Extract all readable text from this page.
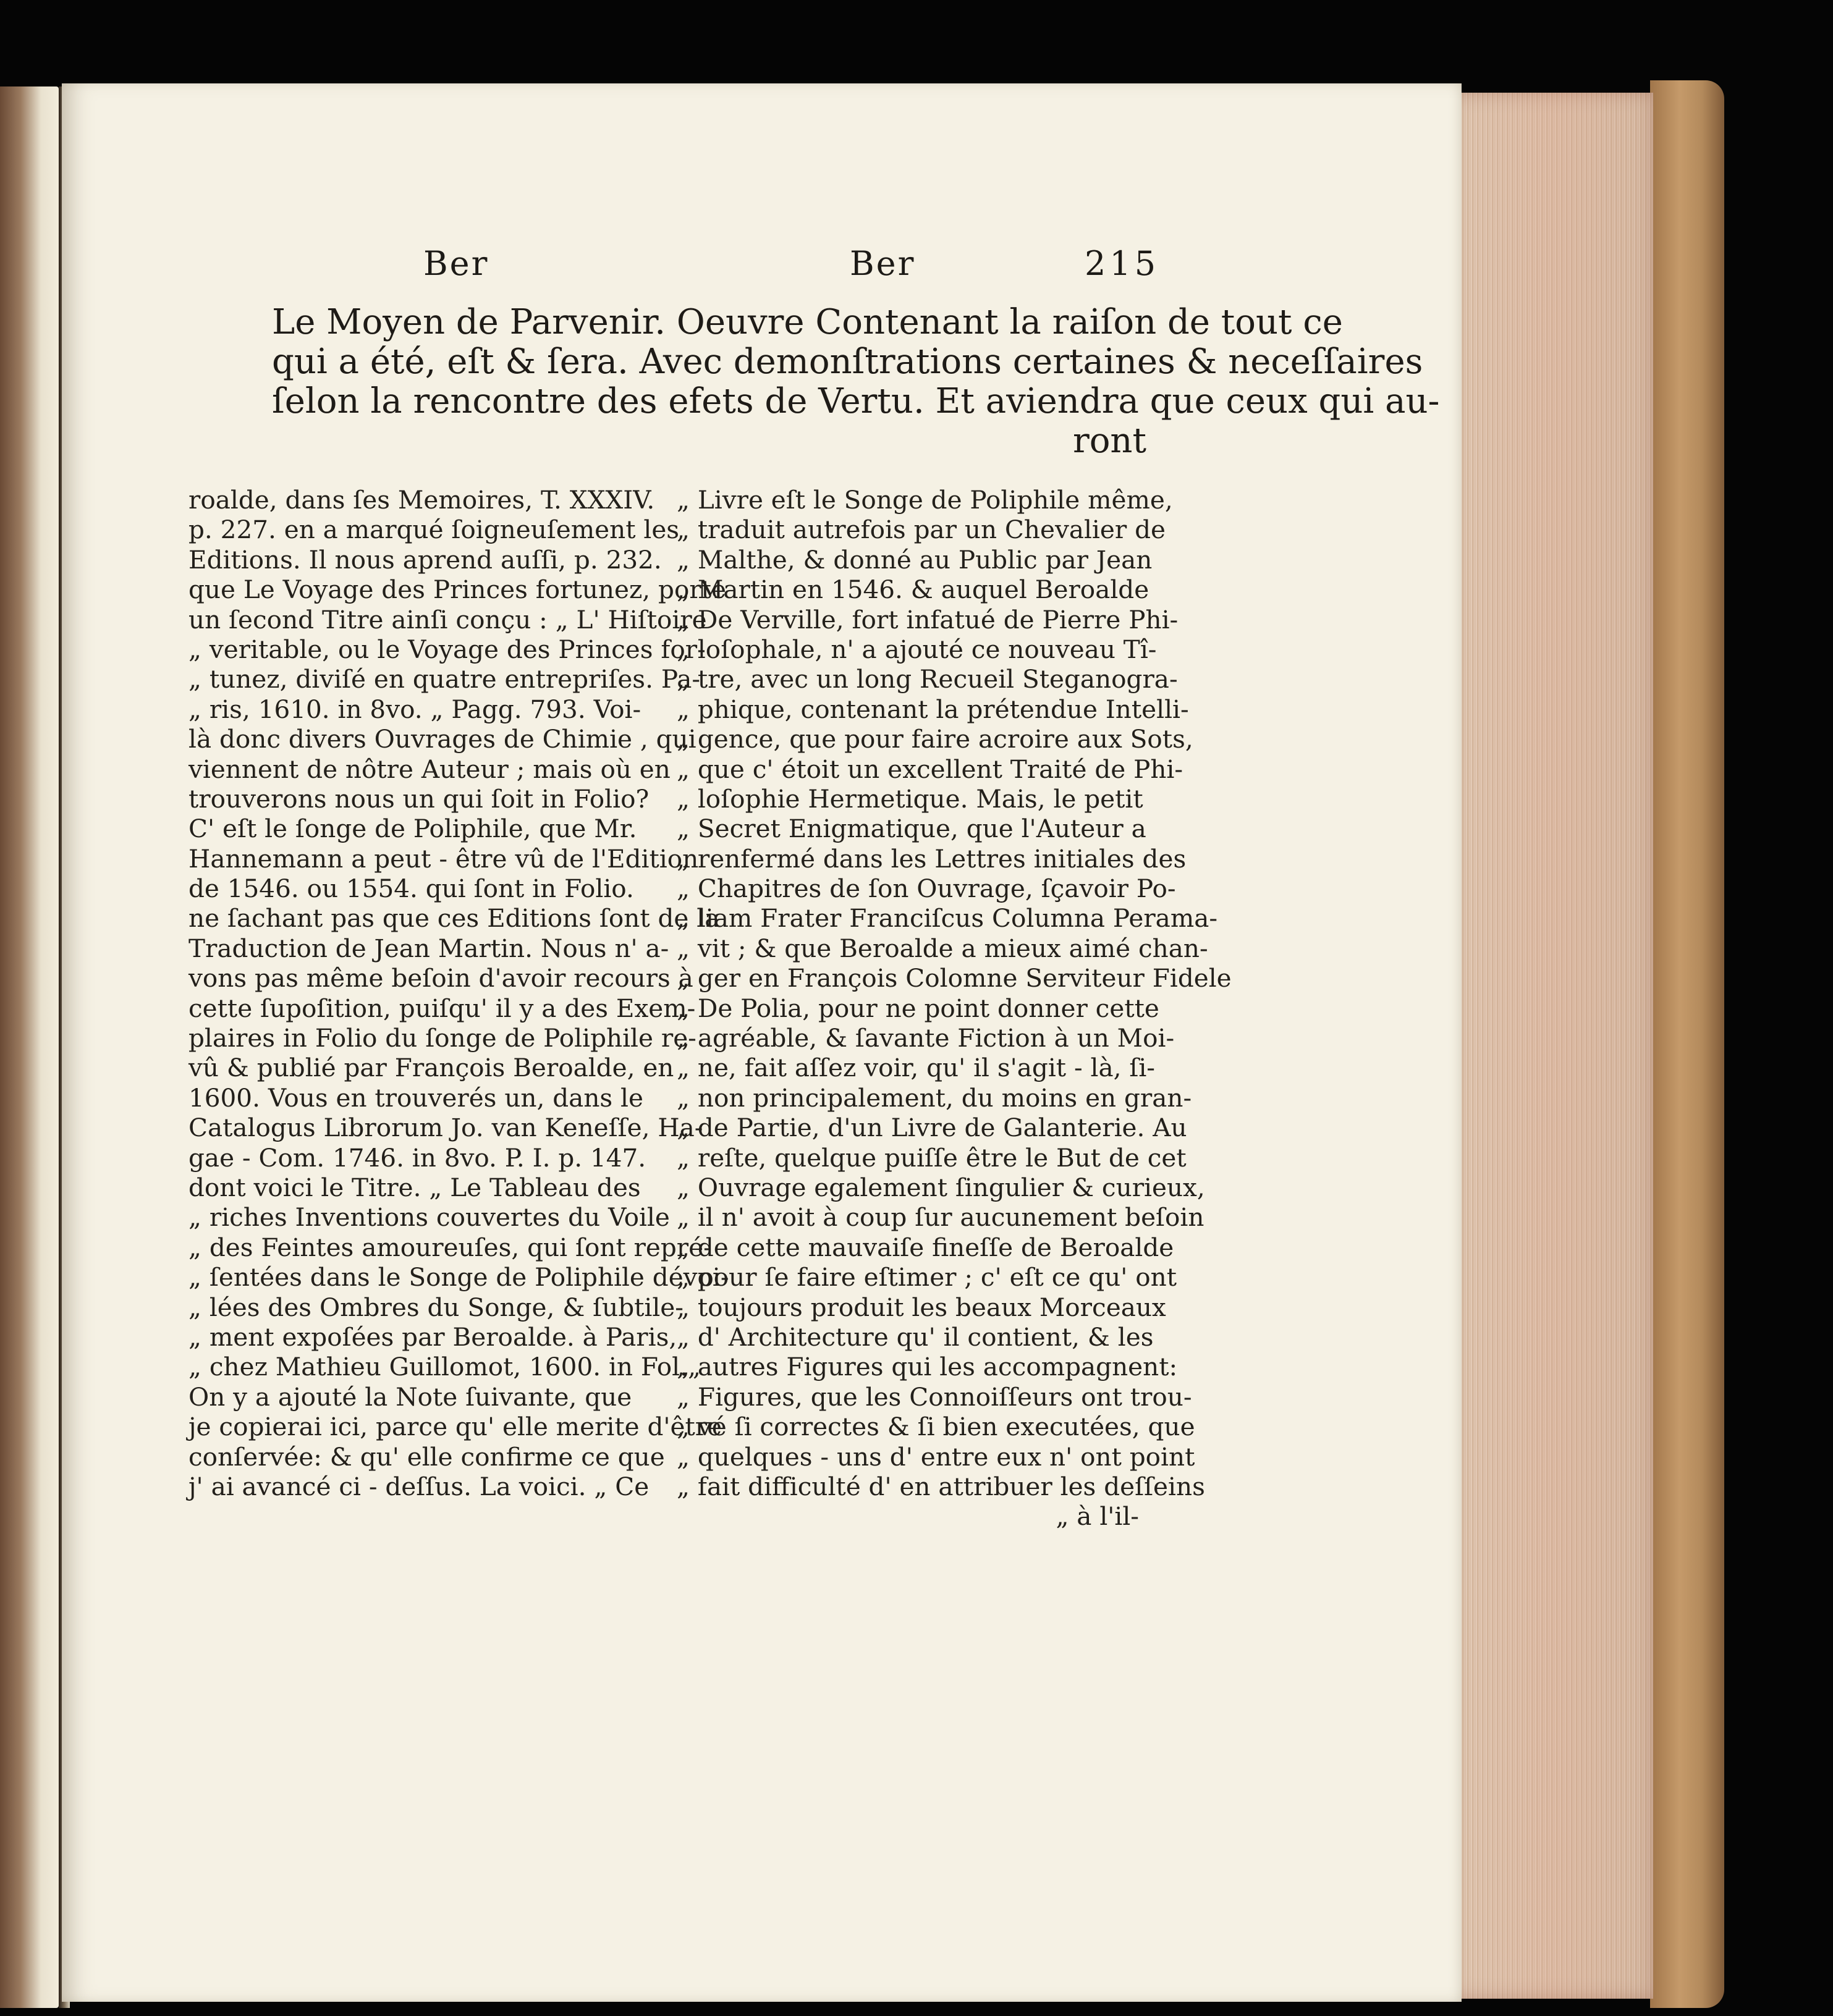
Ber	Ber	215
Le Moyen de Parvenir. Oeuvre Contenant la raiſon de tout ce
qui a été, eſt & ſera. Avec demonſtrations certaines & neceſſaires
ſelon la rencontre des efets de Vertu. Et aviendra que ceux qui au-
ront
roalde, dans ſes Memoires, T. XXXIV.
p. 227. en a marqué ſoigneuſement les
Editions. Il nous aprend auſſi, p. 232.
que Le Voyage des Princes fortunez, porte
un ſecond Titre ainſi conçu : „ L' Hiſtoire
„ veritable, ou le Voyage des Princes for-
„ tunez, diviſé en quatre entrepriſes. Pa-
„ ris, 1610. in 8vo. „ Pagg. 793. Voi-
là donc divers Ouvrages de Chimie , qui
viennent de nôtre Auteur ; mais où en
trouverons nous un qui ſoit in Folio?
C' eſt le ſonge de Poliphile, que Mr.
Hannemann a peut - être vû de l'Edition
de 1546. ou 1554. qui ſont in Folio.
ne ſachant pas que ces Editions ſont de la
Traduction de Jean Martin. Nous n' a-
vons pas même beſoin d'avoir recours à
cette ſupoſition, puiſqu' il y a des Exem-
plaires in Folio du ſonge de Poliphile re-
vû & publié par François Beroalde, en
1600. Vous en trouverés un, dans le
Catalogus Librorum Jo. van Keneſſe, Ha-
gae - Com. 1746. in 8vo. P. I. p. 147.
dont voici le Titre. „ Le Tableau des
„ riches Inventions couvertes du Voile
„ des Feintes amoureuſes, qui ſont repré-
„ ſentées dans le Songe de Poliphile dévoi-
„ lées des Ombres du Songe, & ſubtile-
„ ment expoſées par Beroalde. à Paris,
„ chez Mathieu Guillomot, 1600. in Fol.„
On y a ajouté la Note ſuivante, que
je copierai ici, parce qu' elle merite d'être
conſervée: & qu' elle confirme ce que
j' ai avancé ci - deſſus. La voici. „ Ce
„ Livre eſt le Songe de Poliphile même,
„ traduit autrefois par un Chevalier de
„ Malthe, & donné au Public par Jean
„ Martin en 1546. & auquel Beroalde
„ De Verville, fort infatué de Pierre Phi-
„ loſophale, n' a ajouté ce nouveau Tî-
„ tre, avec un long Recueil Steganogra-
„ phique, contenant la prétendue Intelli-
„ gence, que pour faire acroire aux Sots,
„ que c' étoit un excellent Traité de Phi-
„ loſophie Hermetique. Mais, le petit
„ Secret Enigmatique, que l'Auteur a
„ renfermé dans les Lettres initiales des
„ Chapitres de ſon Ouvrage, ſçavoir Po-
„ liam Frater Franciſcus Columna Perama-
„ vit ; & que Beroalde a mieux aimé chan-
„ ger en François Colomne Serviteur Fidele
„ De Polia, pour ne point donner cette
„ agréable, & ſavante Fiction à un Moi-
„ ne, fait aſſez voir, qu' il s'agit - là, ſi-
„ non principalement, du moins en gran-
„ de Partie, d'un Livre de Galanterie. Au
„ reſte, quelque puiſſe être le But de cet
„ Ouvrage egalement ſingulier & curieux,
„ il n' avoit à coup ſur aucunement beſoin
„ de cette mauvaiſe fineſſe de Beroalde
„ pour ſe faire eſtimer ; c' eſt ce qu' ont
„ toujours produit les beaux Morceaux
„ d' Architecture qu' il contient, & les
„ autres Figures qui les accompagnent:
„ Figures, que les Connoiſſeurs ont trou-
„ vé ſi correctes & ſi bien executées, que
„ quelques - uns d' entre eux n' ont point
„ fait difficulté d' en attribuer les deſſeins
„ à l'il-
